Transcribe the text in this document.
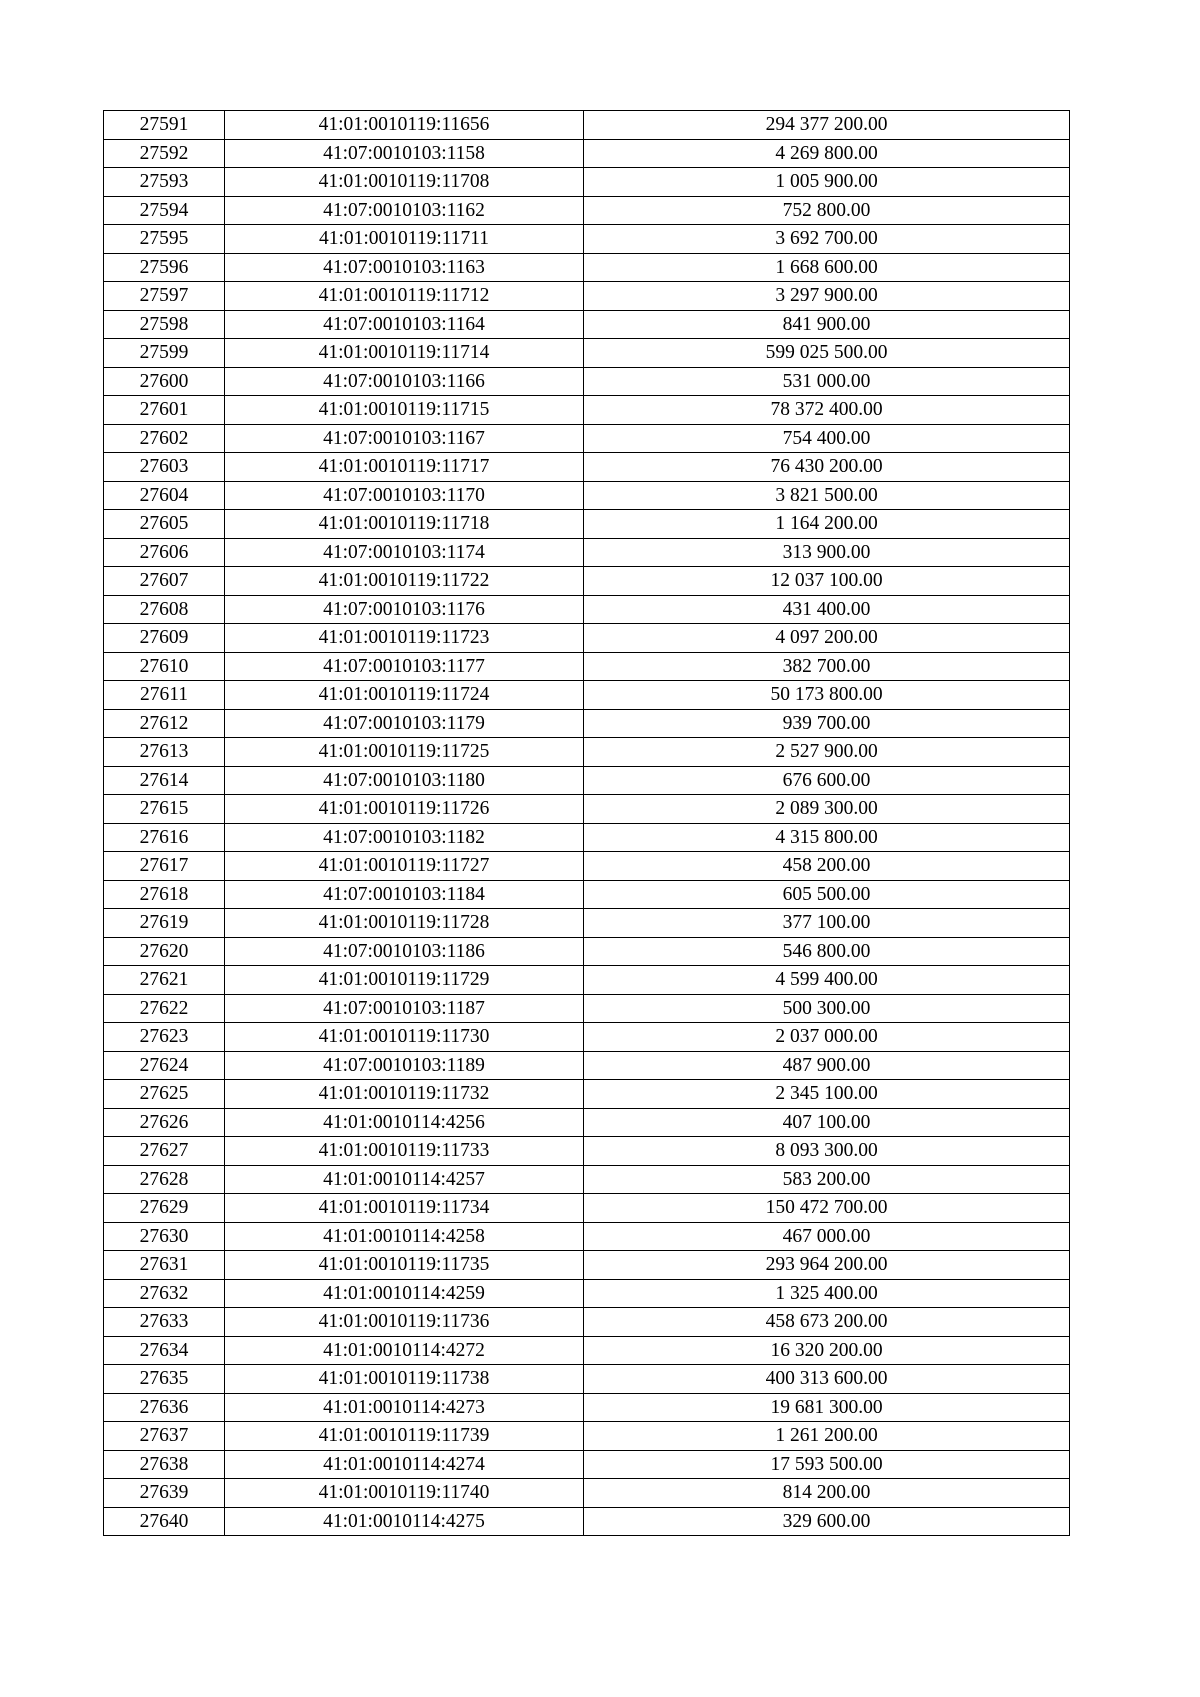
27591	41:01:0010119:11656	294 377 200.00
27592	41:07:0010103:1158	4 269 800.00
27593	41:01:0010119:11708	1 005 900.00
27594	41:07:0010103:1162	752 800.00
27595	41:01:0010119:11711	3 692 700.00
27596	41:07:0010103:1163	1 668 600.00
27597	41:01:0010119:11712	3 297 900.00
27598	41:07:0010103:1164	841 900.00
27599	41:01:0010119:11714	599 025 500.00
27600	41:07:0010103:1166	531 000.00
27601	41:01:0010119:11715	78 372 400.00
27602	41:07:0010103:1167	754 400.00
27603	41:01:0010119:11717	76 430 200.00
27604	41:07:0010103:1170	3 821 500.00
27605	41:01:0010119:11718	1 164 200.00
27606	41:07:0010103:1174	313 900.00
27607	41:01:0010119:11722	12 037 100.00
27608	41:07:0010103:1176	431 400.00
27609	41:01:0010119:11723	4 097 200.00
27610	41:07:0010103:1177	382 700.00
27611	41:01:0010119:11724	50 173 800.00
27612	41:07:0010103:1179	939 700.00
27613	41:01:0010119:11725	2 527 900.00
27614	41:07:0010103:1180	676 600.00
27615	41:01:0010119:11726	2 089 300.00
27616	41:07:0010103:1182	4 315 800.00
27617	41:01:0010119:11727	458 200.00
27618	41:07:0010103:1184	605 500.00
27619	41:01:0010119:11728	377 100.00
27620	41:07:0010103:1186	546 800.00
27621	41:01:0010119:11729	4 599 400.00
27622	41:07:0010103:1187	500 300.00
27623	41:01:0010119:11730	2 037 000.00
27624	41:07:0010103:1189	487 900.00
27625	41:01:0010119:11732	2 345 100.00
27626	41:01:0010114:4256	407 100.00
27627	41:01:0010119:11733	8 093 300.00
27628	41:01:0010114:4257	583 200.00
27629	41:01:0010119:11734	150 472 700.00
27630	41:01:0010114:4258	467 000.00
27631	41:01:0010119:11735	293 964 200.00
27632	41:01:0010114:4259	1 325 400.00
27633	41:01:0010119:11736	458 673 200.00
27634	41:01:0010114:4272	16 320 200.00
27635	41:01:0010119:11738	400 313 600.00
27636	41:01:0010114:4273	19 681 300.00
27637	41:01:0010119:11739	1 261 200.00
27638	41:01:0010114:4274	17 593 500.00
27639	41:01:0010119:11740	814 200.00
27640	41:01:0010114:4275	329 600.00
